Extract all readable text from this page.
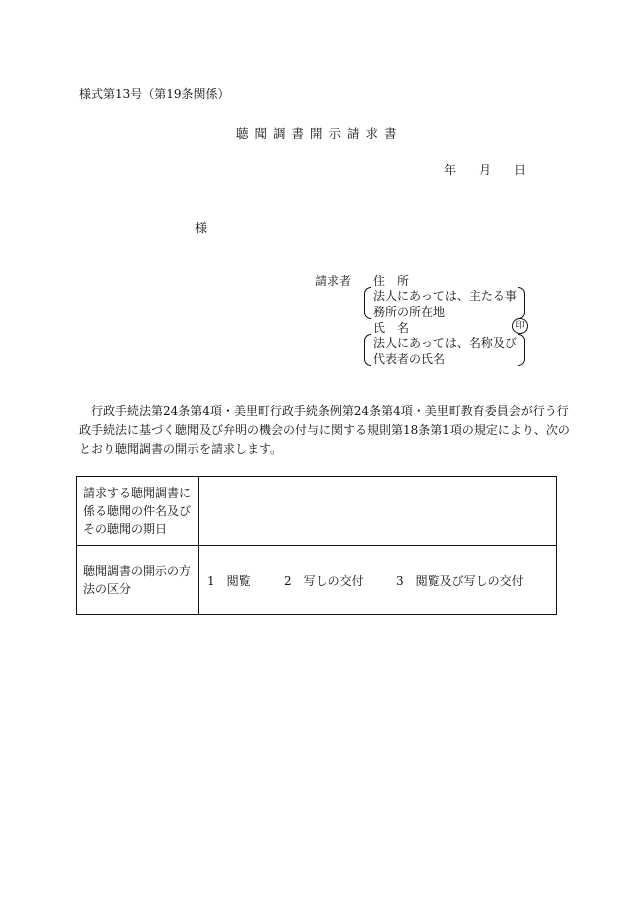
様式第13号（第19条関係）
聴聞調書開示請求書
年 月 日
様
請求者 住　所
法人にあっては、主たる事
務所の所在地
氏　名	印
法人にあっては、名称及び
代表者の氏名
　行政手続法第24条第4項・美里町行政手続条例第24条第4項・美里町教育委員会が行う行
政手続法に基づく聴聞及び弁明の機会の付与に関する規則第18条第1項の規定により、次の
とおり聴聞調書の開示を請求します。
請求する聴聞調書に
係る聴聞の件名及び
その聴聞の期日	

聴聞調書の開示の方
法の区分	1　閲覧 2　写しの交付 3　閲覧及び写しの交付
